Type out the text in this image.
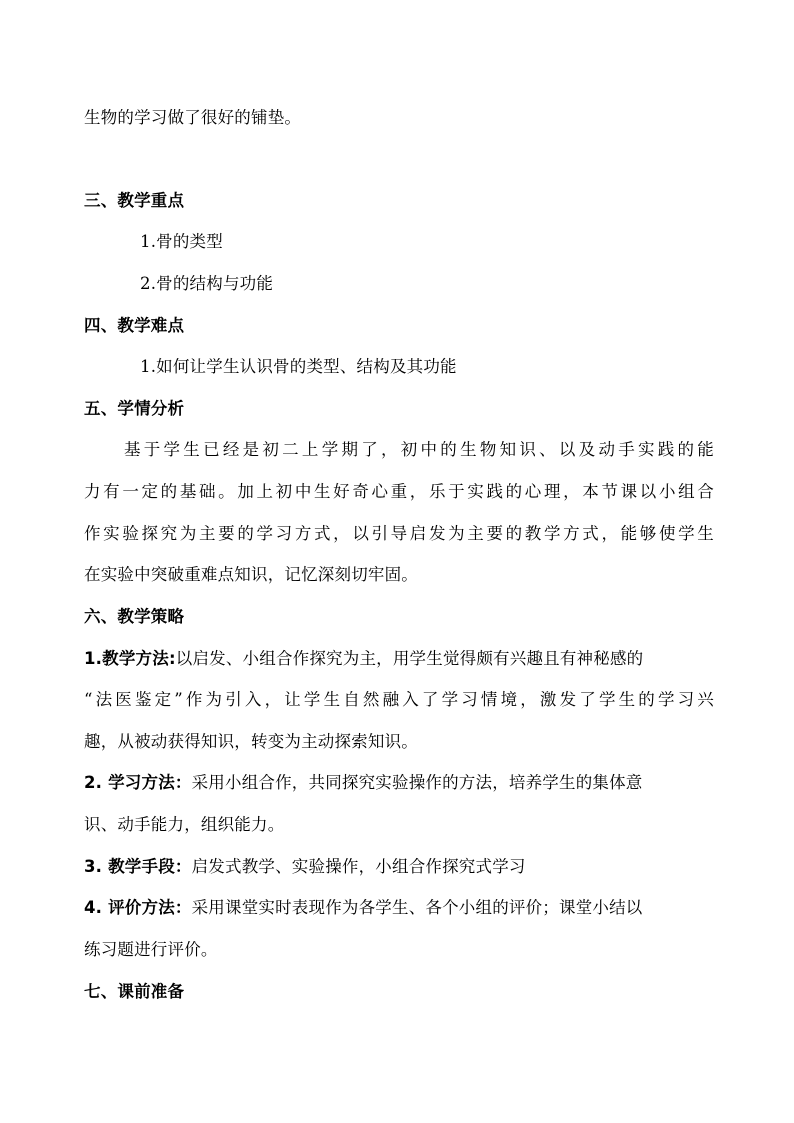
生物的学习做了很好的铺垫。
三、教学重点
1.骨的类型
2.骨的结构与功能
四、教学难点
1.如何让学生认识骨的类型、结构及其功能
五、学情分析
基于学生已经是初二上学期了，初中的生物知识、以及动手实践的能
力有一定的基础。加上初中生好奇心重，乐于实践的心理，本节课以小组合
作实验探究为主要的学习方式，以引导启发为主要的教学方式，能够使学生
在实验中突破重难点知识，记忆深刻切牢固。
六、教学策略
1.教学方法:以启发、小组合作探究为主，用学生觉得颇有兴趣且有神秘感的
“法医鉴定”作为引入，让学生自然融入了学习情境，激发了学生的学习兴
趣，从被动获得知识，转变为主动探索知识。
2. 学习方法：采用小组合作，共同探究实验操作的方法，培养学生的集体意
识、动手能力，组织能力。
3. 教学手段：启发式教学、实验操作，小组合作探究式学习
4. 评价方法：采用课堂实时表现作为各学生、各个小组的评价；课堂小结以
练习题进行评价。
七、课前准备
